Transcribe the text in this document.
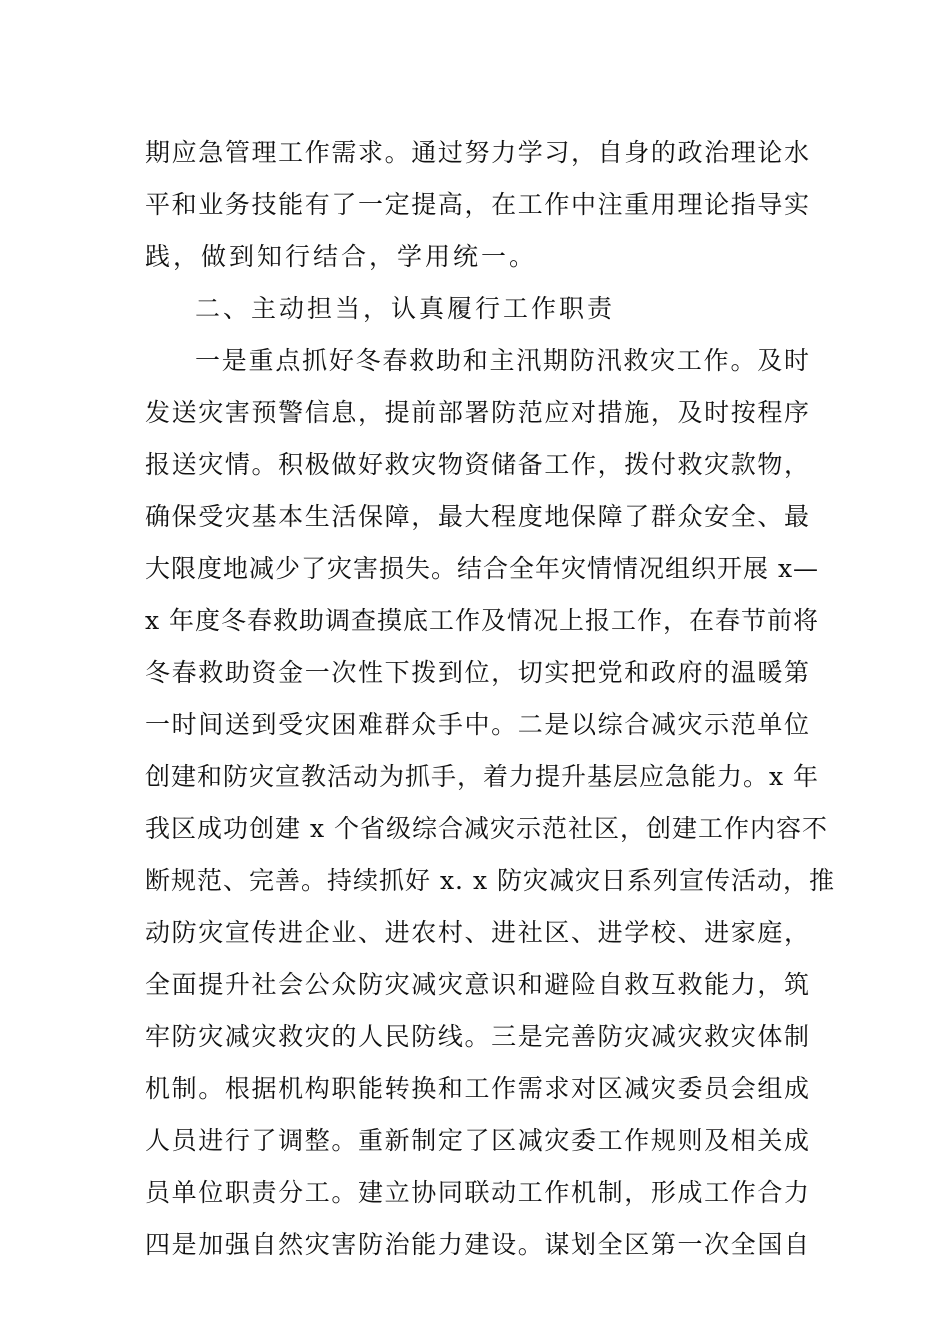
期应急管理工作需求。通过努力学习，自身的政治理论水
平和业务技能有了一定提高，在工作中注重用理论指导实
践，做到知行结合，学用统一。
二、主动担当，认真履行工作职责
一是重点抓好冬春救助和主汛期防汛救灾工作。及时
发送灾害预警信息，提前部署防范应对措施，及时按程序
报送灾情。积极做好救灾物资储备工作，拨付救灾款物，
确保受灾基本生活保障，最大程度地保障了群众安全、最
大限度地减少了灾害损失。结合全年灾情情况组织开展 x—
x 年度冬春救助调查摸底工作及情况上报工作，在春节前将
冬春救助资金一次性下拨到位，切实把党和政府的温暖第
一时间送到受灾困难群众手中。二是以综合减灾示范单位
创建和防灾宣教活动为抓手，着力提升基层应急能力。x 年
我区成功创建 x 个省级综合减灾示范社区，创建工作内容不
断规范、完善。持续抓好 x. x 防灾减灾日系列宣传活动，推
动防灾宣传进企业、进农村、进社区、进学校、进家庭，
全面提升社会公众防灾减灾意识和避险自救互救能力，筑
牢防灾减灾救灾的人民防线。三是完善防灾减灾救灾体制
机制。根据机构职能转换和工作需求对区减灾委员会组成
人员进行了调整。重新制定了区减灾委工作规则及相关成
员单位职责分工。建立协同联动工作机制，形成工作合力
四是加强自然灾害防治能力建设。谋划全区第一次全国自
